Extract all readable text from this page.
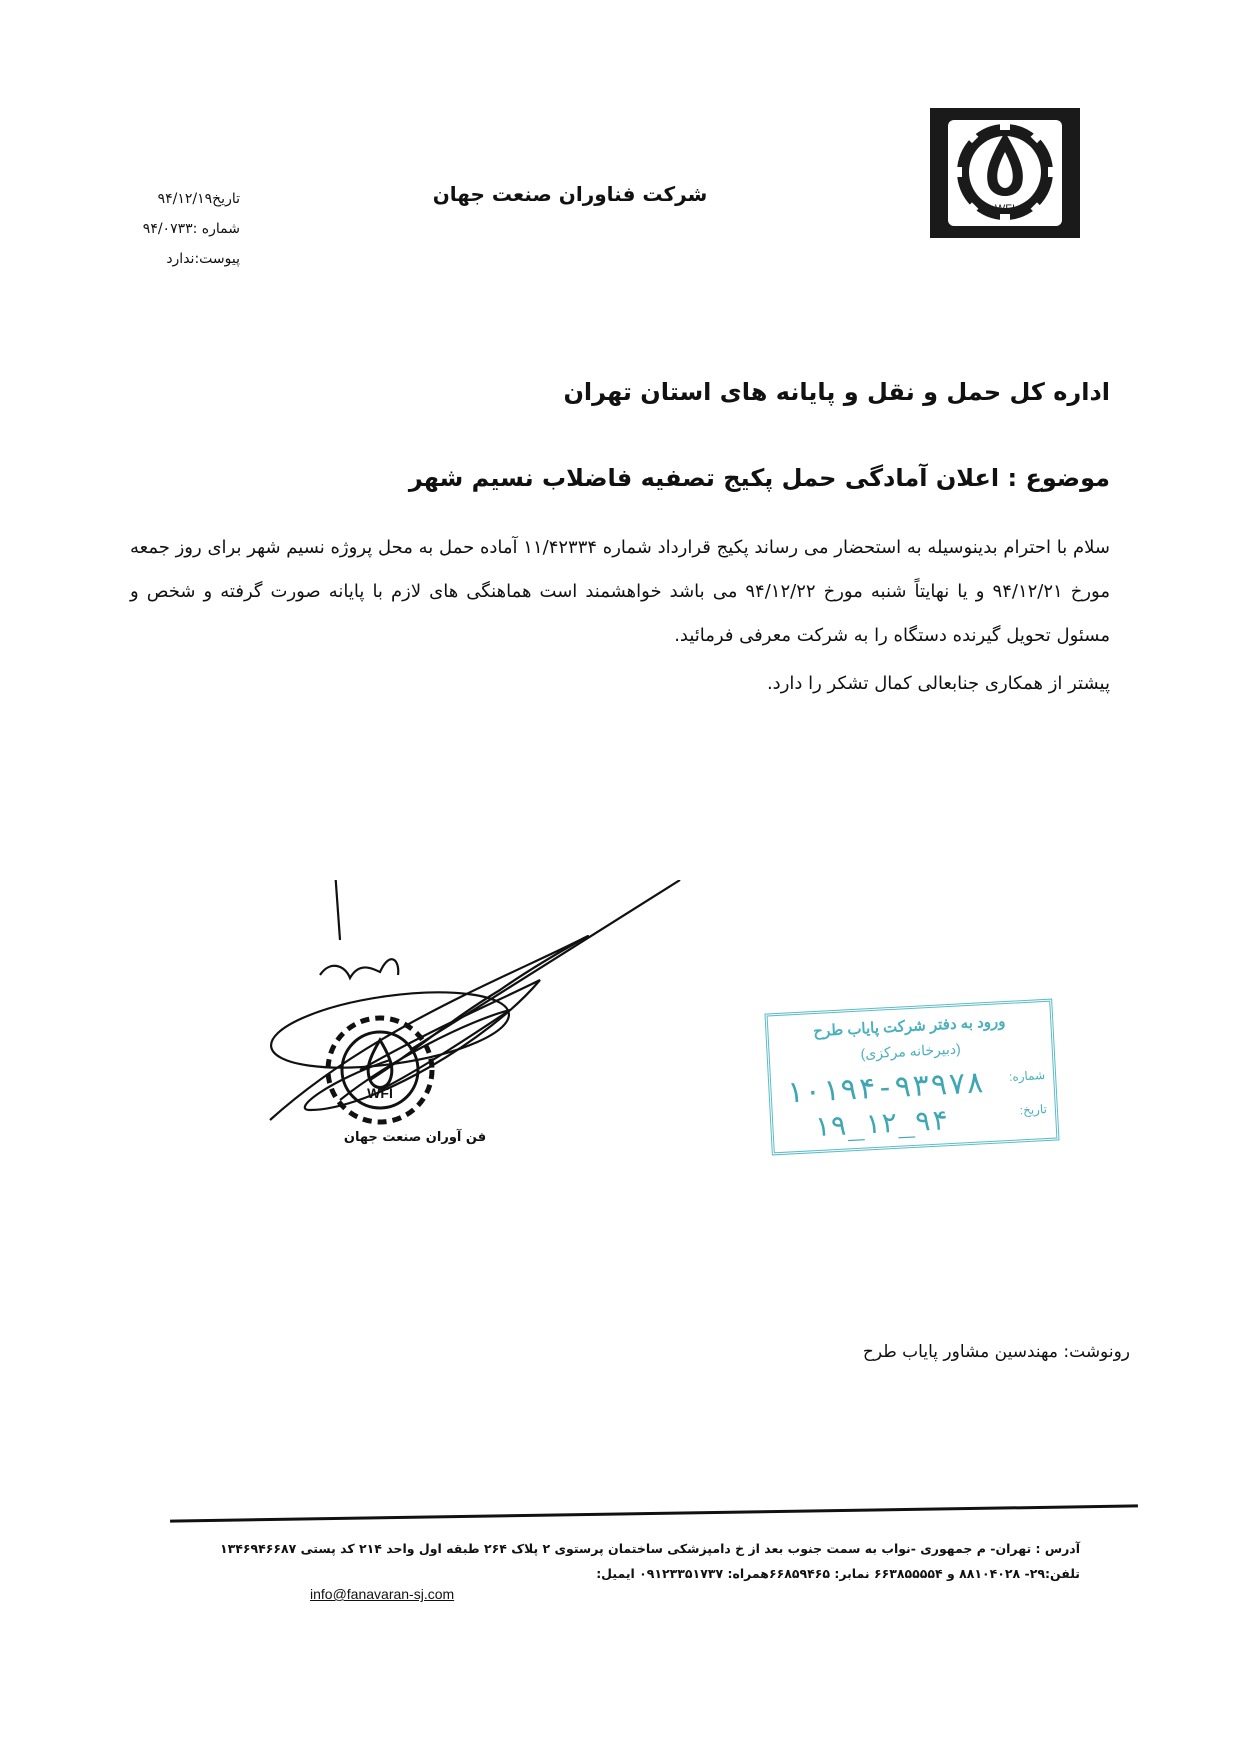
WFI
شرکت فناوران صنعت جهان
تاریخ۹۴/۱۲/۱۹
شماره :۹۴/۰۷۳۳
پیوست:ندارد
اداره کل حمل و نقل و پایانه های استان تهران
موضوع : اعلان آمادگی حمل پکیج تصفیه فاضلاب نسیم شهر
سلام با احترام بدینوسیله به استحضار می رساند پکیج قرارداد شماره ۱۱/۴۲۳۳۴ آماده حمل به محل پروژه نسیم شهر برای روز جمعه مورخ ۹۴/۱۲/۲۱ و یا نهایتاً شنبه مورخ ۹۴/۱۲/۲۲ می باشد خواهشمند است هماهنگی های لازم با پایانه صورت گرفته و شخص و مسئول تحویل گیرنده دستگاه را به شرکت معرفی فرمائید.
پیشتر از همکاری جنابعالی کمال تشکر را دارد.
WFI
فن آوران صنعت جهان
ورود به دفتر شرکت پایاب طرح
(دبیرخانه مرکزی)
شماره:
تاریخ:
۱۰۱۹۴-۹۳۹۷۸
۹۴_۱۲_۱۹
رونوشت: مهندسین مشاور پایاب طرح
آدرس : تهران- م جمهوری -نواب به سمت جنوب بعد از خ دامپزشکی ساختمان پرستوی ۲ پلاک ۲۶۴ طبقه اول واحد ۲۱۴ کد پستی ۱۳۴۶۹۴۶۶۸۷
تلفن:۲۹- ۸۸۱۰۴۰۲۸ و ۶۶۳۸۵۵۵۵۴ نمابر: ۶۶۸۵۹۴۶۵همراه: ۰۹۱۲۳۳۵۱۷۳۷ ایمیل:
info@fanavaran-sj.com
